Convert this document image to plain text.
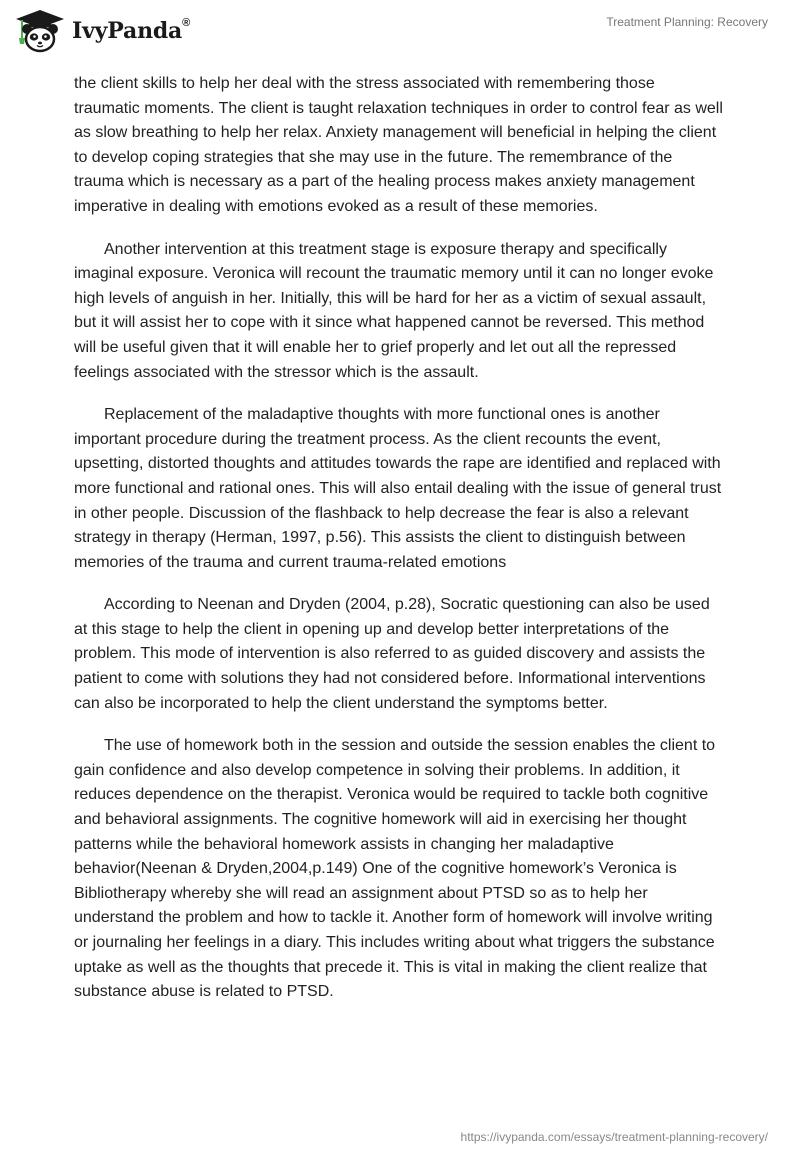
IvyPanda®	Treatment Planning: Recovery

the client skills to help her deal with the stress associated with remembering those traumatic moments. The client is taught relaxation techniques in order to control fear as well as slow breathing to help her relax. Anxiety management will beneficial in helping the client to develop coping strategies that she may use in the future. The remembrance of the trauma which is necessary as a part of the healing process makes anxiety management imperative in dealing with emotions evoked as a result of these memories.

Another intervention at this treatment stage is exposure therapy and specifically imaginal exposure. Veronica will recount the traumatic memory until it can no longer evoke high levels of anguish in her. Initially, this will be hard for her as a victim of sexual assault, but it will assist her to cope with it since what happened cannot be reversed. This method will be useful given that it will enable her to grief properly and let out all the repressed feelings associated with the stressor which is the assault.

Replacement of the maladaptive thoughts with more functional ones is another important procedure during the treatment process. As the client recounts the event, upsetting, distorted thoughts and attitudes towards the rape are identified and replaced with more functional and rational ones. This will also entail dealing with the issue of general trust in other people. Discussion of the flashback to help decrease the fear is also a relevant strategy in therapy (Herman, 1997, p.56). This assists the client to distinguish between memories of the trauma and current trauma-related emotions

According to Neenan and Dryden (2004, p.28), Socratic questioning can also be used at this stage to help the client in opening up and develop better interpretations of the problem. This mode of intervention is also referred to as guided discovery and assists the patient to come with solutions they had not considered before. Informational interventions can also be incorporated to help the client understand the symptoms better.

The use of homework both in the session and outside the session enables the client to gain confidence and also develop competence in solving their problems. In addition, it reduces dependence on the therapist. Veronica would be required to tackle both cognitive and behavioral assignments. The cognitive homework will aid in exercising her thought patterns while the behavioral homework assists in changing her maladaptive behavior(Neenan & Dryden,2004,p.149) One of the cognitive homework’s Veronica is Bibliotherapy whereby she will read an assignment about PTSD so as to help her understand the problem and how to tackle it. Another form of homework will involve writing or journaling her feelings in a diary. This includes writing about what triggers the substance uptake as well as the thoughts that precede it. This is vital in making the client realize that substance abuse is related to PTSD.

https://ivypanda.com/essays/treatment-planning-recovery/
